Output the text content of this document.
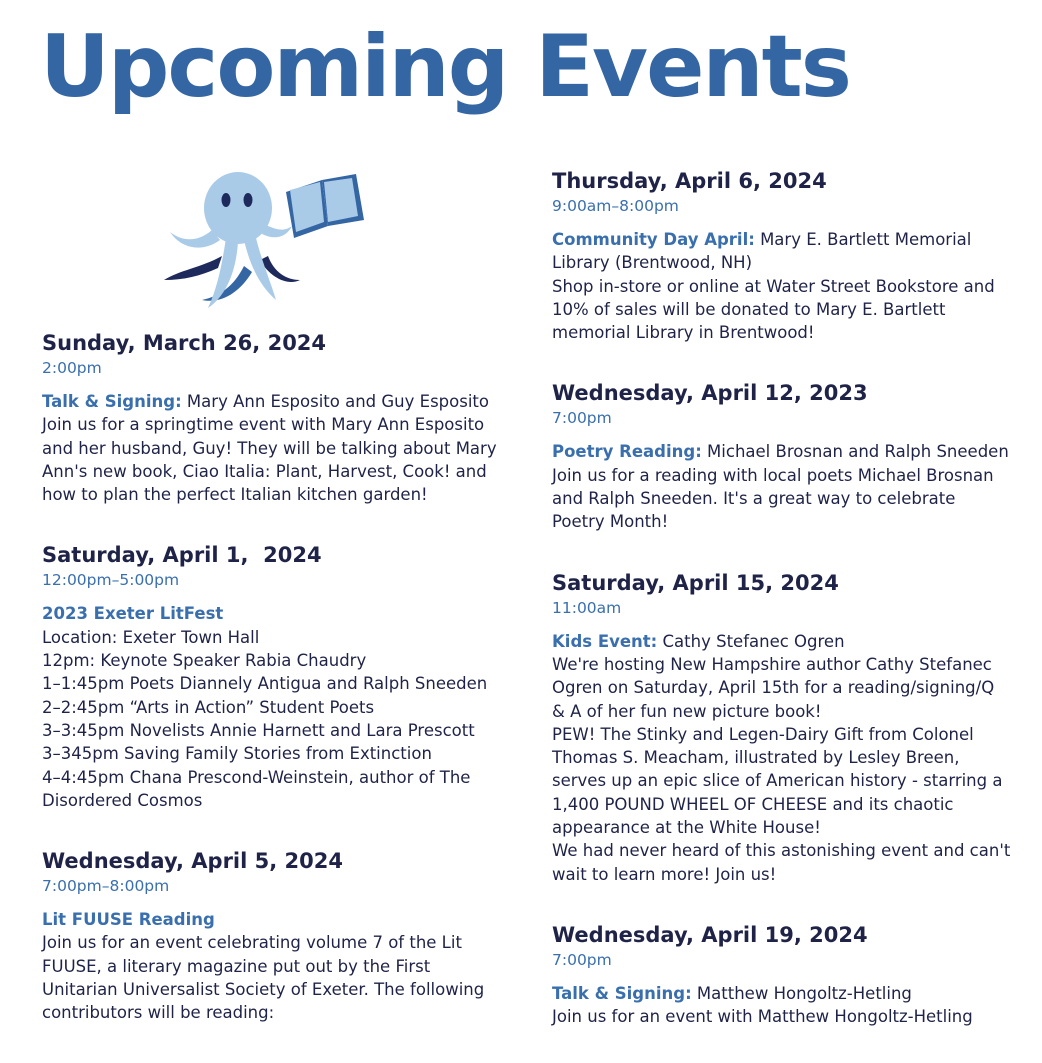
Upcoming Events
Sunday, March 26, 2024
2:00pm
Talk & Signing: Mary Ann Esposito and Guy Esposito
Join us for a springtime event with Mary Ann Esposito
and her husband, Guy! They will be talking about Mary
Ann's new book, Ciao Italia: Plant, Harvest, Cook! and
how to plan the perfect Italian kitchen garden!
Saturday, April 1,  2024
12:00pm–5:00pm
2023 Exeter LitFest
Location: Exeter Town Hall
12pm: Keynote Speaker Rabia Chaudry
1–1:45pm Poets Diannely Antigua and Ralph Sneeden
2–2:45pm “Arts in Action” Student Poets
3–3:45pm Novelists Annie Harnett and Lara Prescott
3–345pm Saving Family Stories from Extinction
4–4:45pm Chana Prescond-Weinstein, author of The
Disordered Cosmos
Wednesday, April 5, 2024
7:00pm–8:00pm
Lit FUUSE Reading
Join us for an event celebrating volume 7 of the Lit
FUUSE, a literary magazine put out by the First
Unitarian Universalist Society of Exeter. The following
contributors will be reading:
Thursday, April 6, 2024
9:00am–8:00pm
Community Day April: Mary E. Bartlett Memorial
Library (Brentwood, NH)
Shop in-store or online at Water Street Bookstore and
10% of sales will be donated to Mary E. Bartlett
memorial Library in Brentwood!
Wednesday, April 12, 2023
7:00pm
Poetry Reading: Michael Brosnan and Ralph Sneeden
Join us for a reading with local poets Michael Brosnan
and Ralph Sneeden. It's a great way to celebrate
Poetry Month!
Saturday, April 15, 2024
11:00am
Kids Event: Cathy Stefanec Ogren
We're hosting New Hampshire author Cathy Stefanec
Ogren on Saturday, April 15th for a reading/signing/Q
& A of her fun new picture book!
PEW! The Stinky and Legen-Dairy Gift from Colonel
Thomas S. Meacham, illustrated by Lesley Breen,
serves up an epic slice of American history - starring a
1,400 POUND WHEEL OF CHEESE and its chaotic
appearance at the White House!
We had never heard of this astonishing event and can't
wait to learn more! Join us!
Wednesday, April 19, 2024
7:00pm
Talk & Signing: Matthew Hongoltz-Hetling
Join us for an event with Matthew Hongoltz-Hetling
